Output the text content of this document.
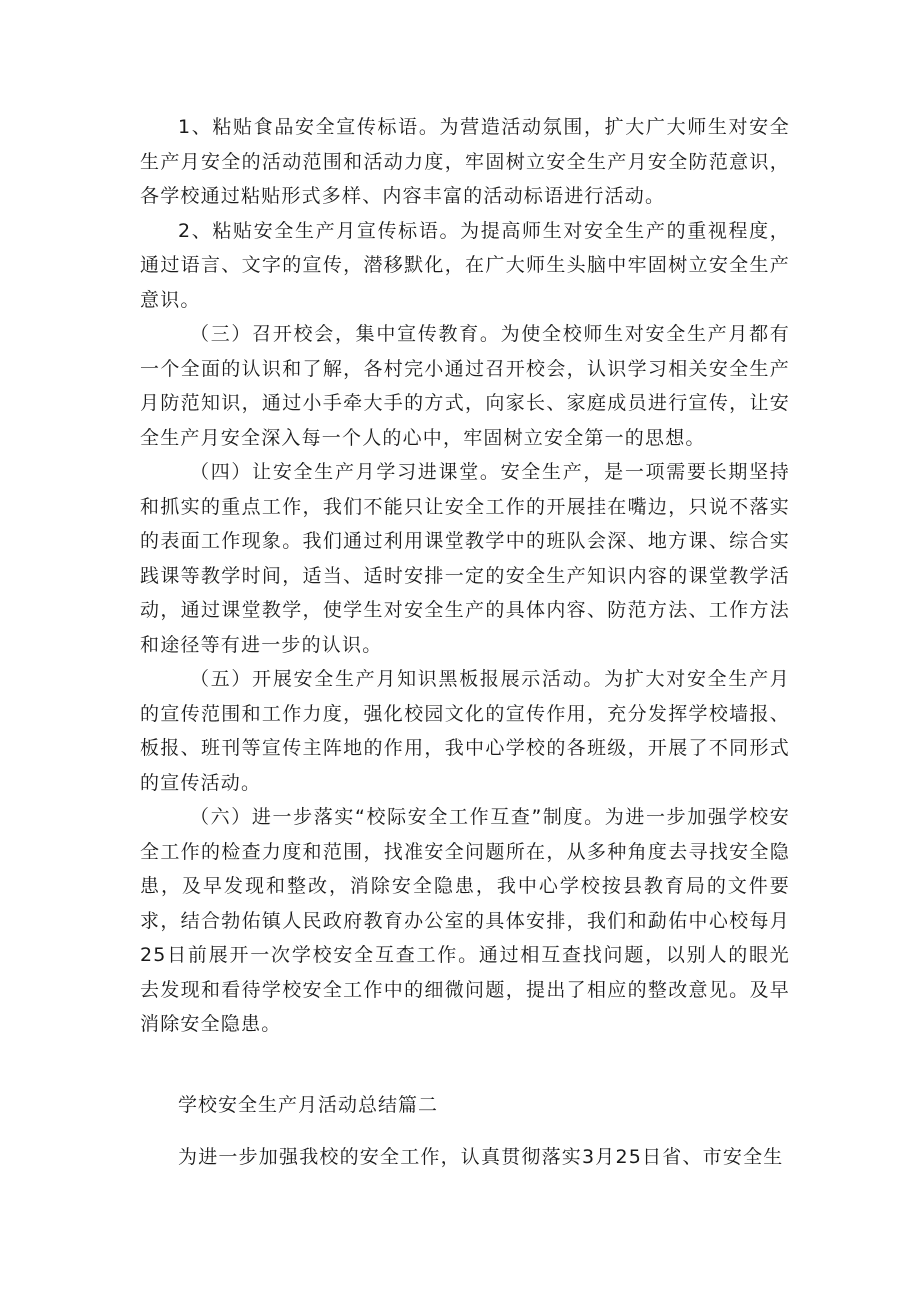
1、粘贴食品安全宣传标语。为营造活动氛围，扩大广大师生对安全生产月安全的活动范围和活动力度，牢固树立安全生产月安全防范意识，各学校通过粘贴形式多样、内容丰富的活动标语进行活动。

2、粘贴安全生产月宣传标语。为提高师生对安全生产的重视程度，通过语言、文字的宣传，潜移默化，在广大师生头脑中牢固树立安全生产意识。

（三）召开校会，集中宣传教育。为使全校师生对安全生产月都有一个全面的认识和了解，各村完小通过召开校会，认识学习相关安全生产月防范知识，通过小手牵大手的方式，向家长、家庭成员进行宣传，让安全生产月安全深入每一个人的心中，牢固树立安全第一的思想。

（四）让安全生产月学习进课堂。安全生产，是一项需要长期坚持和抓实的重点工作，我们不能只让安全工作的开展挂在嘴边，只说不落实的表面工作现象。我们通过利用课堂教学中的班队会深、地方课、综合实践课等教学时间，适当、适时安排一定的安全生产知识内容的课堂教学活动，通过课堂教学，使学生对安全生产的具体内容、防范方法、工作方法和途径等有进一步的认识。

（五）开展安全生产月知识黑板报展示活动。为扩大对安全生产月的宣传范围和工作力度，强化校园文化的宣传作用，充分发挥学校墙报、板报、班刊等宣传主阵地的作用，我中心学校的各班级，开展了不同形式的宣传活动。

（六）进一步落实“校际安全工作互查”制度。为进一步加强学校安全工作的检查力度和范围，找准安全问题所在，从多种角度去寻找安全隐患，及早发现和整改，消除安全隐患，我中心学校按县教育局的文件要求，结合勃佑镇人民政府教育办公室的具体安排，我们和勐佑中心校每月25日前展开一次学校安全互查工作。通过相互查找问题，以别人的眼光去发现和看待学校安全工作中的细微问题，提出了相应的整改意见。及早消除安全隐患。

学校安全生产月活动总结篇二

为进一步加强我校的安全工作，认真贯彻落实3月25日省、市安全生
